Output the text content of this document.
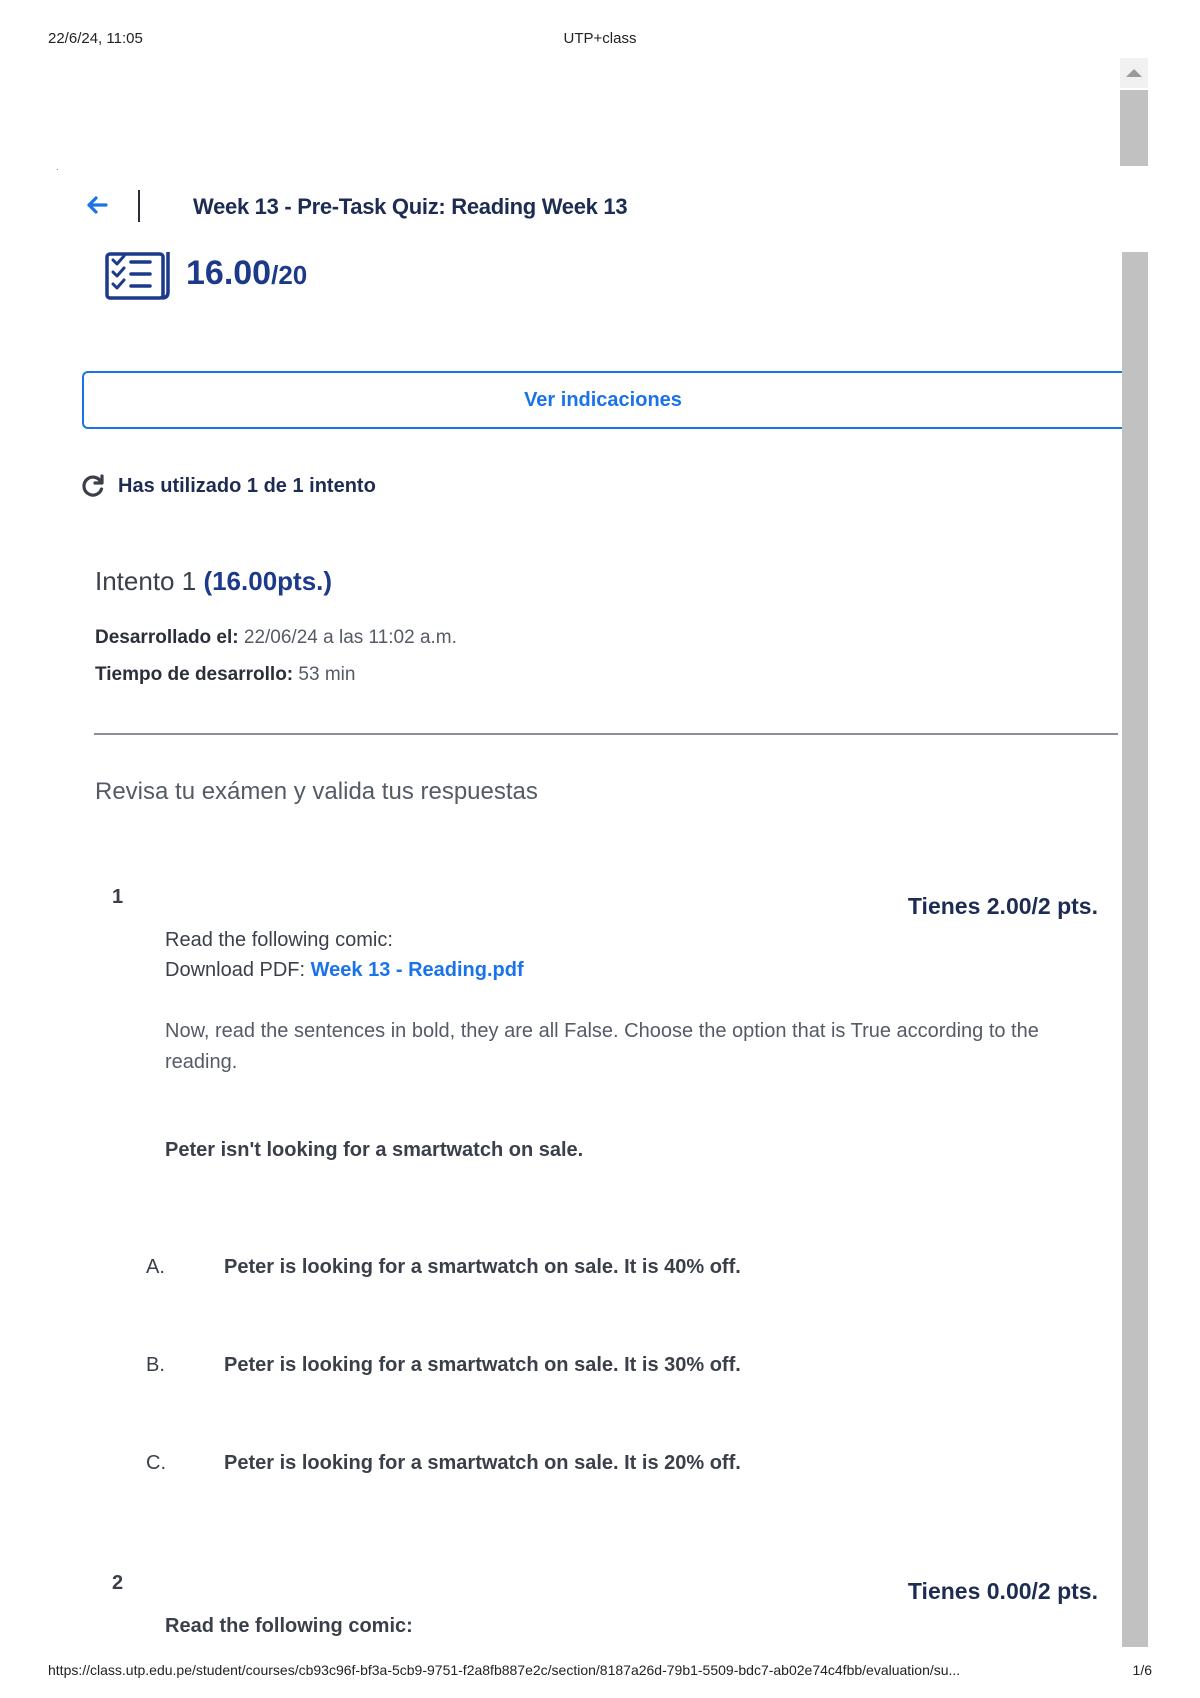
22/6/24, 11:05	UTP+class
.
Week 13 - Pre-Task Quiz: Reading Week 13
16.00/20
Ver indicaciones
Has utilizado 1 de 1 intento
Intento 1 (16.00pts.)
Desarrollado el: 22/06/24 a las 11:02 a.m.
Tiempo de desarrollo: 53 min
Revisa tu exámen y valida tus respuestas
1	Tienes 2.00/2 pts.
Read the following comic:
Download PDF: Week 13 - Reading.pdf
Now, read the sentences in bold, they are all False. Choose the option that is True according to the reading.
Peter isn't looking for a smartwatch on sale.
A.	Peter is looking for a smartwatch on sale. It is 40% off.
B.	Peter is looking for a smartwatch on sale. It is 30% off.
C.	Peter is looking for a smartwatch on sale. It is 20% off.
2	Tienes 0.00/2 pts.
Read the following comic:
https://class.utp.edu.pe/student/courses/cb93c96f-bf3a-5cb9-9751-f2a8fb887e2c/section/8187a26d-79b1-5509-bdc7-ab02e74c4fbb/evaluation/su...	1/6
